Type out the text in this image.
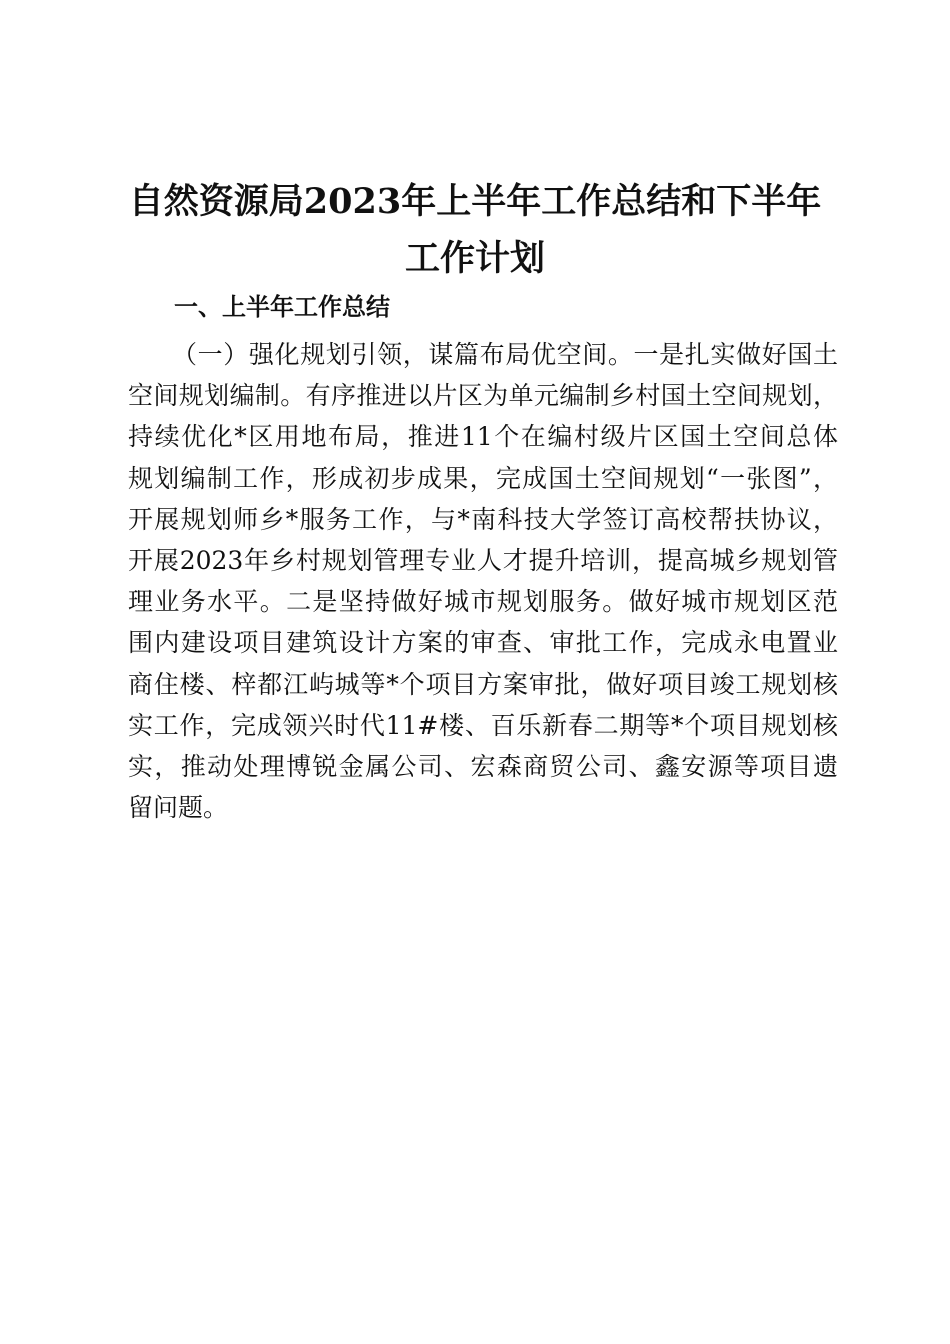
自然资源局2023年上半年工作总结和下半年
工作计划
一、上半年工作总结
（一）强化规划引领，谋篇布局优空间。一是扎实做好国土
空间规划编制。有序推进以片区为单元编制乡村国土空间规划，
持续优化*区用地布局，推进11个在编村级片区国土空间总体
规划编制工作，形成初步成果，完成国土空间规划“一张图”，
开展规划师乡*服务工作，与*南科技大学签订高校帮扶协议，
开展2023年乡村规划管理专业人才提升培训，提高城乡规划管
理业务水平。二是坚持做好城市规划服务。做好城市规划区范
围内建设项目建筑设计方案的审查、审批工作，完成永电置业
商住楼、梓都江屿城等*个项目方案审批，做好项目竣工规划核
实工作，完成领兴时代11#楼、百乐新春二期等*个项目规划核
实，推动处理博锐金属公司、宏森商贸公司、鑫安源等项目遗
留问题。
